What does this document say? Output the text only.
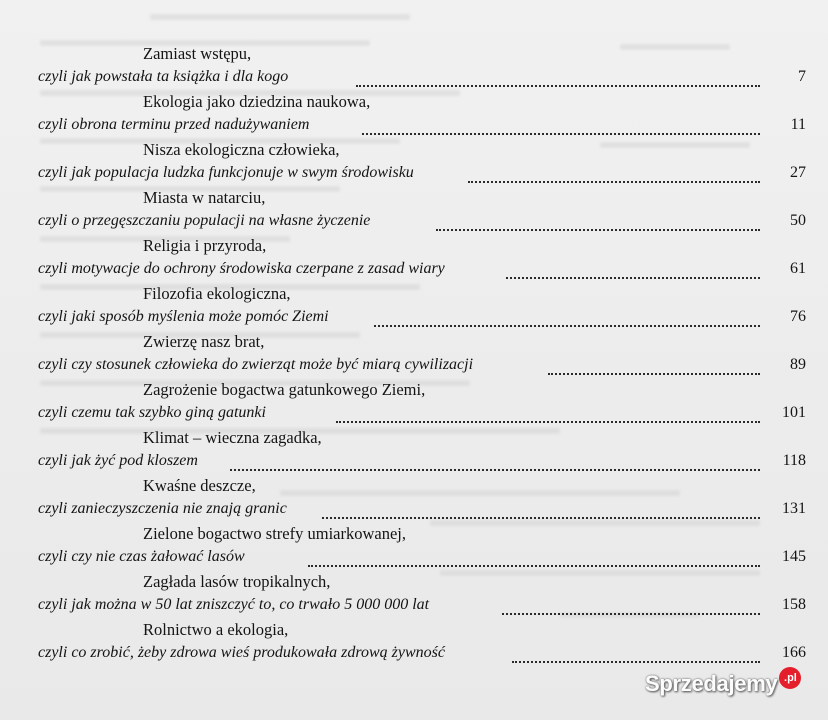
Zamiast wstępu,
czyli jak powstała ta książka i dla kogo	7
Ekologia jako dziedzina naukowa,
czyli obrona terminu przed nadużywaniem	11
Nisza ekologiczna człowieka,
czyli jak populacja ludzka funkcjonuje w swym środowisku	27
Miasta w natarciu,
czyli o przegęszczaniu populacji na własne życzenie	50
Religia i przyroda,
czyli motywacje do ochrony środowiska czerpane z zasad wiary	61
Filozofia ekologiczna,
czyli jaki sposób myślenia może pomóc Ziemi	76
Zwierzę nasz brat,
czyli czy stosunek człowieka do zwierząt może być miarą cywilizacji	89
Zagrożenie bogactwa gatunkowego Ziemi,
czyli czemu tak szybko giną gatunki	101
Klimat – wieczna zagadka,
czyli jak żyć pod kloszem	118
Kwaśne deszcze,
czyli zanieczyszczenia nie znają granic	131
Zielone bogactwo strefy umiarkowanej,
czyli czy nie czas żałować lasów	145
Zagłada lasów tropikalnych,
czyli jak można w 50 lat zniszczyć to, co trwało 5 000 000 lat	158
Rolnictwo a ekologia,
czyli co zrobić, żeby zdrowa wieś produkowała zdrową żywność	166
Sprzedajemy .pl
